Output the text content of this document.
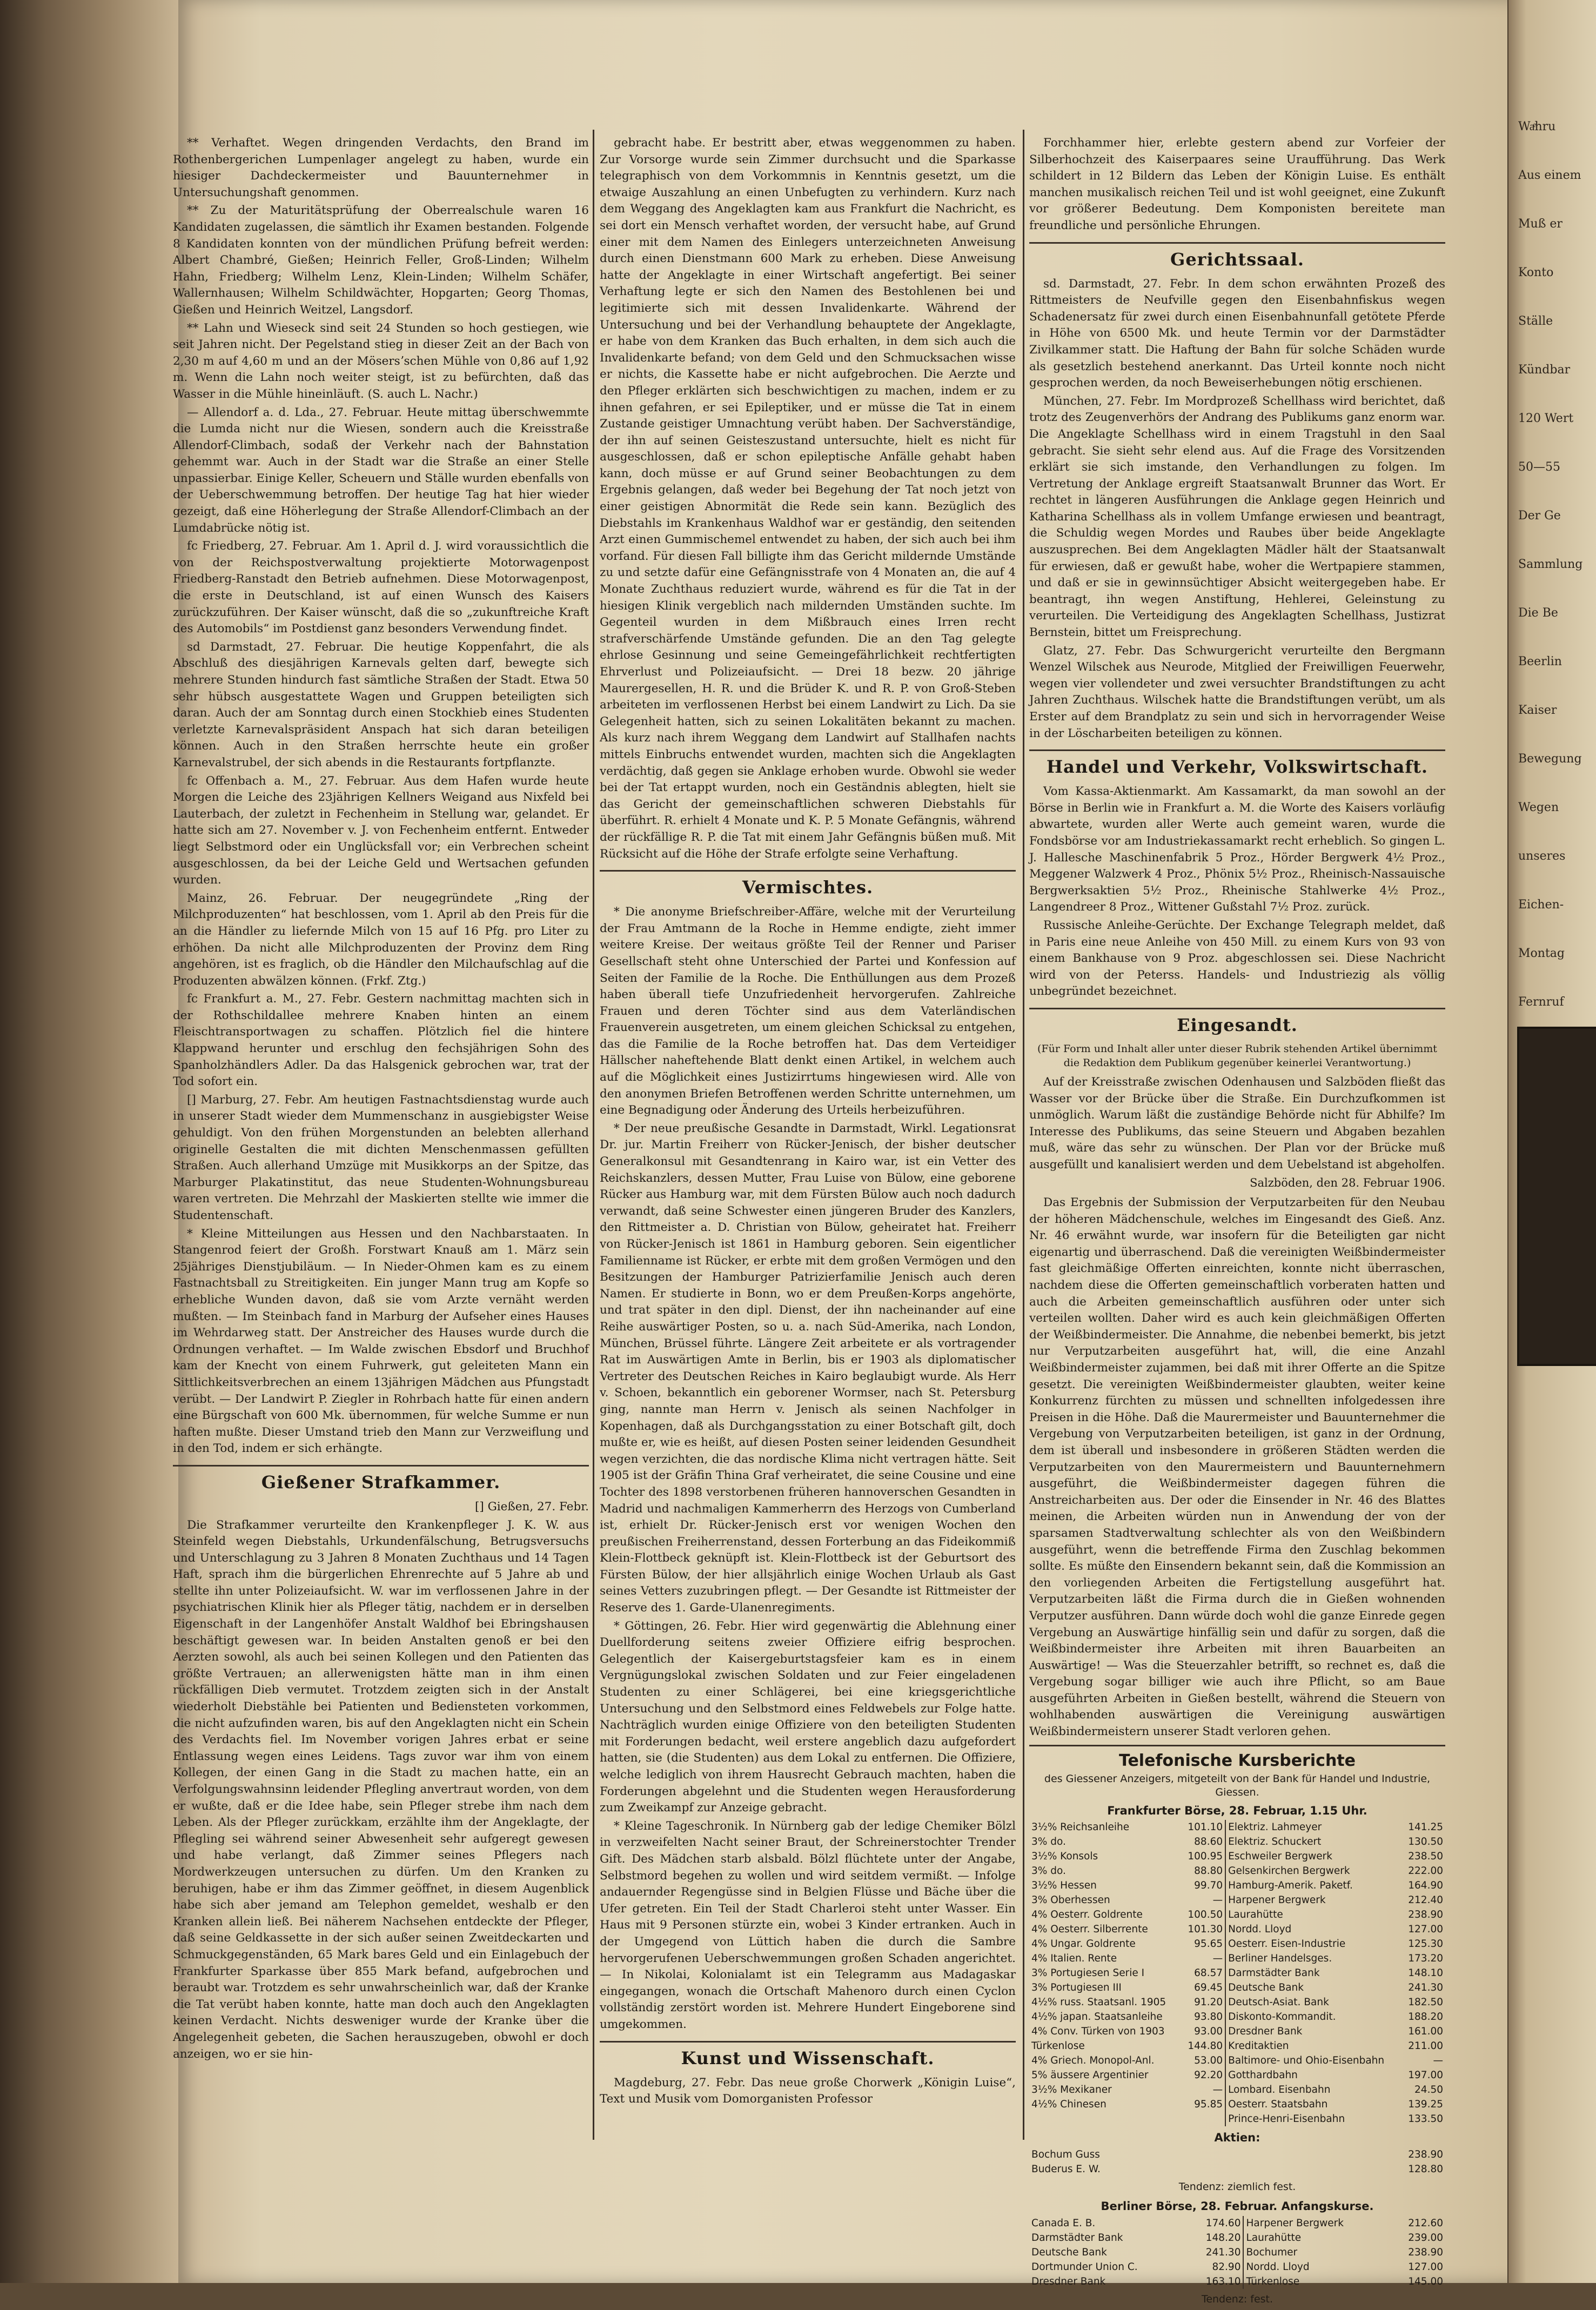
** Verhaftet. Wegen dringenden Verdachts, den Brand im Rothenbergerichen Lumpenlager angelegt zu haben, wurde ein hiesiger Dachdeckermeister und Bauunternehmer in Untersuchungshaft genommen.

** Zu der Maturitätsprüfung der Oberrealschule waren 16 Kandidaten zugelassen, die sämtlich ihr Examen bestanden. Folgende 8 Kandidaten konnten von der mündlichen Prüfung befreit werden: Albert Chambré, Gießen; Heinrich Feller, Groß-Linden; Wilhelm Hahn, Friedberg; Wilhelm Lenz, Klein-Linden; Wilhelm Schäfer, Wallernhausen; Wilhelm Schildwächter, Hopgarten; Georg Thomas, Gießen und Heinrich Weitzel, Langsdorf.

** Lahn und Wieseck sind seit 24 Stunden so hoch gestiegen, wie seit Jahren nicht. Der Pegelstand stieg in dieser Zeit an der Bach von 2,30 m auf 4,60 m und an der Mösersʼschen Mühle von 0,86 auf 1,92 m. Wenn die Lahn noch weiter steigt, ist zu befürchten, daß das Wasser in die Mühle hineinläuft. (S. auch L. Nachr.)

— Allendorf a. d. Lda., 27. Februar. Heute mittag überschwemmte die Lumda nicht nur die Wiesen, sondern auch die Kreisstraße Allendorf-Climbach, sodaß der Verkehr nach der Bahnstation gehemmt war. Auch in der Stadt war die Straße an einer Stelle unpassierbar. Einige Keller, Scheuern und Ställe wurden ebenfalls von der Ueberschwemmung betroffen. Der heutige Tag hat hier wieder gezeigt, daß eine Höherlegung der Straße Allendorf-Climbach an der Lumdabrücke nötig ist.

fc Friedberg, 27. Februar. Am 1. April d. J. wird voraussichtlich die von der Reichspostverwaltung projektierte Motorwagenpost Friedberg-Ranstadt den Betrieb aufnehmen. Diese Motorwagenpost, die erste in Deutschland, ist auf einen Wunsch des Kaisers zurückzuführen. Der Kaiser wünscht, daß die so „zukunftreiche Kraft des Automobils“ im Postdienst ganz besonders Verwendung findet.

sd Darmstadt, 27. Februar. Die heutige Koppenfahrt, die als Abschluß des diesjährigen Karnevals gelten darf, bewegte sich mehrere Stunden hindurch fast sämtliche Straßen der Stadt. Etwa 50 sehr hübsch ausgestattete Wagen und Gruppen beteiligten sich daran. Auch der am Sonntag durch einen Stockhieb eines Studenten verletzte Karnevalspräsident Anspach hat sich daran beteiligen können. Auch in den Straßen herrschte heute ein großer Karnevalstrubel, der sich abends in die Restaurants fortpflanzte.

fc Offenbach a. M., 27. Februar. Aus dem Hafen wurde heute Morgen die Leiche des 23jährigen Kellners Weigand aus Nixfeld bei Lauterbach, der zuletzt in Fechenheim in Stellung war, gelandet. Er hatte sich am 27. November v. J. von Fechenheim entfernt. Entweder liegt Selbstmord oder ein Unglücksfall vor; ein Verbrechen scheint ausgeschlossen, da bei der Leiche Geld und Wertsachen gefunden wurden.

Mainz, 26. Februar. Der neugegründete „Ring der Milchproduzenten“ hat beschlossen, vom 1. April ab den Preis für die an die Händler zu liefernde Milch von 15 auf 16 Pfg. pro Liter zu erhöhen. Da nicht alle Milchproduzenten der Provinz dem Ring angehören, ist es fraglich, ob die Händler den Milchaufschlag auf die Produzenten abwälzen können. (Frkf. Ztg.)

fc Frankfurt a. M., 27. Febr. Gestern nachmittag machten sich in der Rothschildallee mehrere Knaben hinten an einem Fleischtransportwagen zu schaffen. Plötzlich fiel die hintere Klappwand herunter und erschlug den fechsjährigen Sohn des Spanholzhändlers Adler. Da das Halsgenick gebrochen war, trat der Tod sofort ein.

[] Marburg, 27. Febr. Am heutigen Fastnachtsdienstag wurde auch in unserer Stadt wieder dem Mummenschanz in ausgiebigster Weise gehuldigt. Von den frühen Morgenstunden an belebten allerhand originelle Gestalten die mit dichten Menschenmassen gefüllten Straßen. Auch allerhand Umzüge mit Musikkorps an der Spitze, das Marburger Plakatinstitut, das neue Studenten-Wohnungsbureau waren vertreten. Die Mehrzahl der Maskierten stellte wie immer die Studentenschaft.

* Kleine Mitteilungen aus Hessen und den Nachbarstaaten. In Stangenrod feiert der Großh. Forstwart Knauß am 1. März sein 25jähriges Dienstjubiläum. — In Nieder-Ohmen kam es zu einem Fastnachtsball zu Streitigkeiten. Ein junger Mann trug am Kopfe so erhebliche Wunden davon, daß sie vom Arzte vernäht werden mußten. — Im Steinbach fand in Marburg der Aufseher eines Hauses im Wehrdarweg statt. Der Anstreicher des Hauses wurde durch die Ordnungen verhaftet. — Im Walde zwischen Ebsdorf und Bruchhof kam der Knecht von einem Fuhrwerk, gut geleiteten Mann ein Sittlichkeitsverbrechen an einem 13jährigen Mädchen aus Pfungstadt verübt. — Der Landwirt P. Ziegler in Rohrbach hatte für einen andern eine Bürgschaft von 600 Mk. übernommen, für welche Summe er nun haften mußte. Dieser Umstand trieb den Mann zur Verzweiflung und in den Tod, indem er sich erhängte.

Gießener Strafkammer.

[] Gießen, 27. Febr.

Die Strafkammer verurteilte den Krankenpfleger J. K. W. aus Steinfeld wegen Diebstahls, Urkundenfälschung, Betrugsversuchs und Unterschlagung zu 3 Jahren 8 Monaten Zuchthaus und 14 Tagen Haft, sprach ihm die bürgerlichen Ehrenrechte auf 5 Jahre ab und stellte ihn unter Polizeiaufsicht. W. war im verflossenen Jahre in der psychiatrischen Klinik hier als Pfleger tätig, nachdem er in derselben Eigenschaft in der Langenhöfer Anstalt Waldhof bei Ebringshausen beschäftigt gewesen war. In beiden Anstalten genoß er bei den Aerzten sowohl, als auch bei seinen Kollegen und den Patienten das größte Vertrauen; an allerwenigsten hätte man in ihm einen rückfälligen Dieb vermutet. Trotzdem zeigten sich in der Anstalt wiederholt Diebstähle bei Patienten und Bediensteten vorkommen, die nicht aufzufinden waren, bis auf den Angeklagten nicht ein Schein des Verdachts fiel. Im November vorigen Jahres erbat er seine Entlassung wegen eines Leidens. Tags zuvor war ihm von einem Kollegen, der einen Gang in die Stadt zu machen hatte, ein an Verfolgungswahnsinn leidender Pflegling anvertraut worden, von dem er wußte, daß er die Idee habe, sein Pfleger strebe ihm nach dem Leben. Als der Pfleger zurückkam, erzählte ihm der Angeklagte, der Pflegling sei während seiner Abwesenheit sehr aufgeregt gewesen und habe verlangt, daß Zimmer seines Pflegers nach Mordwerkzeugen untersuchen zu dürfen. Um den Kranken zu beruhigen, habe er ihm das Zimmer geöffnet, in diesem Augenblick habe sich aber jemand am Telephon gemeldet, weshalb er den Kranken allein ließ. Bei näherem Nachsehen entdeckte der Pfleger, daß seine Geldkassette in der sich außer seinen Zweitdeckarten und Schmuckgegenständen, 65 Mark bares Geld und ein Einlagebuch der Frankfurter Sparkasse über 855 Mark befand, aufgebrochen und beraubt war. Trotzdem es sehr unwahrscheinlich war, daß der Kranke die Tat verübt haben konnte, hatte man doch auch den Angeklagten keinen Verdacht. Nichts desweniger wurde der Kranke über die Angelegenheit gebeten, die Sachen herauszugeben, obwohl er doch anzeigen, wo er sie hin-

gebracht habe. Er bestritt aber, etwas weggenommen zu haben. Zur Vorsorge wurde sein Zimmer durchsucht und die Sparkasse telegraphisch von dem Vorkommnis in Kenntnis gesetzt, um die etwaige Auszahlung an einen Unbefugten zu verhindern. Kurz nach dem Weggang des Angeklagten kam aus Frankfurt die Nachricht, es sei dort ein Mensch verhaftet worden, der versucht habe, auf Grund einer mit dem Namen des Einlegers unterzeichneten Anweisung durch einen Dienstmann 600 Mark zu erheben. Diese Anweisung hatte der Angeklagte in einer Wirtschaft angefertigt. Bei seiner Verhaftung legte er sich den Namen des Bestohlenen bei und legitimierte sich mit dessen Invalidenkarte. Während der Untersuchung und bei der Verhandlung behauptete der Angeklagte, er habe von dem Kranken das Buch erhalten, in dem sich auch die Invalidenkarte befand; von dem Geld und den Schmucksachen wisse er nichts, die Kassette habe er nicht aufgebrochen. Die Aerzte und den Pfleger erklärten sich beschwichtigen zu machen, indem er zu ihnen gefahren, er sei Epileptiker, und er müsse die Tat in einem Zustande geistiger Umnachtung verübt haben. Der Sachverständige, der ihn auf seinen Geisteszustand untersuchte, hielt es nicht für ausgeschlossen, daß er schon epileptische Anfälle gehabt haben kann, doch müsse er auf Grund seiner Beobachtungen zu dem Ergebnis gelangen, daß weder bei Begehung der Tat noch jetzt von einer geistigen Abnormität die Rede sein kann. Bezüglich des Diebstahls im Krankenhaus Waldhof war er geständig, den seitenden Arzt einen Gummischemel entwendet zu haben, der sich auch bei ihm vorfand. Für diesen Fall billigte ihm das Gericht mildernde Umstände zu und setzte dafür eine Gefängnisstrafe von 4 Monaten an, die auf 4 Monate Zuchthaus reduziert wurde, während es für die Tat in der hiesigen Klinik vergeblich nach mildernden Umständen suchte. Im Gegenteil wurden in dem Mißbrauch eines Irren recht strafverschärfende Umstände gefunden. Die an den Tag gelegte ehrlose Gesinnung und seine Gemeingefährlichkeit rechtfertigten Ehrverlust und Polizeiaufsicht. — Drei 18 bezw. 20 jährige Maurergesellen, H. R. und die Brüder K. und R. P. von Groß-Steben arbeiteten im verflossenen Herbst bei einem Landwirt zu Lich. Da sie Gelegenheit hatten, sich zu seinen Lokalitäten bekannt zu machen. Als kurz nach ihrem Weggang dem Landwirt auf Stallhafen nachts mittels Einbruchs entwendet wurden, machten sich die Angeklagten verdächtig, daß gegen sie Anklage erhoben wurde. Obwohl sie weder bei der Tat ertappt wurden, noch ein Geständnis ablegten, hielt sie das Gericht der gemeinschaftlichen schweren Diebstahls für überführt. R. erhielt 4 Monate und K. P. 5 Monate Gefängnis, während der rückfällige R. P. die Tat mit einem Jahr Gefängnis büßen muß. Mit Rücksicht auf die Höhe der Strafe erfolgte seine Verhaftung.

Vermischtes.

* Die anonyme Briefschreiber-Affäre, welche mit der Verurteilung der Frau Amtmann de la Roche in Hemme endigte, zieht immer weitere Kreise. Der weitaus größte Teil der Renner und Pariser Gesellschaft steht ohne Unterschied der Partei und Konfession auf Seiten der Familie de la Roche. Die Enthüllungen aus dem Prozeß haben überall tiefe Unzufriedenheit hervorgerufen. Zahlreiche Frauen und deren Töchter sind aus dem Vaterländischen Frauenverein ausgetreten, um einem gleichen Schicksal zu entgehen, das die Familie de la Roche betroffen hat. Das dem Verteidiger Hällscher naheftehende Blatt denkt einen Artikel, in welchem auch auf die Möglichkeit eines Justizirrtums hingewiesen wird. Alle von den anonymen Briefen Betroffenen werden Schritte unternehmen, um eine Begnadigung oder Änderung des Urteils herbeizuführen.

* Der neue preußische Gesandte in Darmstadt, Wirkl. Legationsrat Dr. jur. Martin Freiherr von Rücker-Jenisch, der bisher deutscher Generalkonsul mit Gesandtenrang in Kairo war, ist ein Vetter des Reichskanzlers, dessen Mutter, Frau Luise von Bülow, eine geborene Rücker aus Hamburg war, mit dem Fürsten Bülow auch noch dadurch verwandt, daß seine Schwester einen jüngeren Bruder des Kanzlers, den Rittmeister a. D. Christian von Bülow, geheiratet hat. Freiherr von Rücker-Jenisch ist 1861 in Hamburg geboren. Sein eigentlicher Familienname ist Rücker, er erbte mit dem großen Vermögen und den Besitzungen der Hamburger Patrizierfamilie Jenisch auch deren Namen. Er studierte in Bonn, wo er dem Preußen-Korps angehörte, und trat später in den dipl. Dienst, der ihn nacheinander auf eine Reihe auswärtiger Posten, so u. a. nach Süd-Amerika, nach London, München, Brüssel führte. Längere Zeit arbeitete er als vortragender Rat im Auswärtigen Amte in Berlin, bis er 1903 als diplomatischer Vertreter des Deutschen Reiches in Kairo beglaubigt wurde. Als Herr v. Schoen, bekanntlich ein geborener Wormser, nach St. Petersburg ging, nannte man Herrn v. Jenisch als seinen Nachfolger in Kopenhagen, daß als Durchgangsstation zu einer Botschaft gilt, doch mußte er, wie es heißt, auf diesen Posten seiner leidenden Gesundheit wegen verzichten, die das nordische Klima nicht vertragen hätte. Seit 1905 ist der Gräfin Thina Graf verheiratet, die seine Cousine und eine Tochter des 1898 verstorbenen früheren hannoverschen Gesandten in Madrid und nachmaligen Kammerherrn des Herzogs von Cumberland ist, erhielt Dr. Rücker-Jenisch erst vor wenigen Wochen den preußischen Freiherrenstand, dessen Forterbung an das Fideikommiß Klein-Flottbeck geknüpft ist. Klein-Flottbeck ist der Geburtsort des Fürsten Bülow, der hier allsjährlich einige Wochen Urlaub als Gast seines Vetters zuzubringen pflegt. — Der Gesandte ist Rittmeister der Reserve des 1. Garde-Ulanenregiments.

* Göttingen, 26. Febr. Hier wird gegenwärtig die Ablehnung einer Duellforderung seitens zweier Offiziere eifrig besprochen. Gelegentlich der Kaisergeburtstagsfeier kam es in einem Vergnügungslokal zwischen Soldaten und zur Feier eingeladenen Studenten zu einer Schlägerei, bei eine kriegsgerichtliche Untersuchung und den Selbstmord eines Feldwebels zur Folge hatte. Nachträglich wurden einige Offiziere von den beteiligten Studenten mit Forderungen bedacht, weil erstere angeblich dazu aufgefordert hatten, sie (die Studenten) aus dem Lokal zu entfernen. Die Offiziere, welche lediglich von ihrem Hausrecht Gebrauch machten, haben die Forderungen abgelehnt und die Studenten wegen Herausforderung zum Zweikampf zur Anzeige gebracht.

* Kleine Tageschronik. In Nürnberg gab der ledige Chemiker Bölzl in verzweifelten Nacht seiner Braut, der Schreinerstochter Trender Gift. Des Mädchen starb alsbald. Bölzl flüchtete unter der Angabe, Selbstmord begehen zu wollen und wird seitdem vermißt. — Infolge andauernder Regengüsse sind in Belgien Flüsse und Bäche über die Ufer getreten. Ein Teil der Stadt Charleroi steht unter Wasser. Ein Haus mit 9 Personen stürzte ein, wobei 3 Kinder ertranken. Auch in der Umgegend von Lüttich haben die durch die Sambre hervorgerufenen Ueberschwemmungen großen Schaden angerichtet. — In Nikolai, Kolonialamt ist ein Telegramm aus Madagaskar eingegangen, wonach die Ortschaft Mahenoro durch einen Cyclon vollständig zerstört worden ist. Mehrere Hundert Eingeborene sind umgekommen.

Kunst und Wissenschaft.

Magdeburg, 27. Febr. Das neue große Chorwerk „Königin Luise“, Text und Musik vom Domorganisten Professor

Forchhammer hier, erlebte gestern abend zur Vorfeier der Silberhochzeit des Kaiserpaares seine Uraufführung. Das Werk schildert in 12 Bildern das Leben der Königin Luise. Es enthält manchen musikalisch reichen Teil und ist wohl geeignet, eine Zukunft vor größerer Bedeutung. Dem Komponisten bereitete man freundliche und persönliche Ehrungen.

Gerichtssaal.

sd. Darmstadt, 27. Febr. In dem schon erwähnten Prozeß des Rittmeisters de Neufville gegen den Eisenbahnfiskus wegen Schadenersatz für zwei durch einen Eisenbahnunfall getötete Pferde in Höhe von 6500 Mk. und heute Termin vor der Darmstädter Zivilkammer statt. Die Haftung der Bahn für solche Schäden wurde als gesetzlich bestehend anerkannt. Das Urteil konnte noch nicht gesprochen werden, da noch Beweiserhebungen nötig erschienen.

München, 27. Febr. Im Mordprozeß Schellhass wird berichtet, daß trotz des Zeugenverhörs der Andrang des Publikums ganz enorm war. Die Angeklagte Schellhass wird in einem Tragstuhl in den Saal gebracht. Sie sieht sehr elend aus. Auf die Frage des Vorsitzenden erklärt sie sich imstande, den Verhandlungen zu folgen. Im Vertretung der Anklage ergreift Staatsanwalt Brunner das Wort. Er rechtet in längeren Ausführungen die Anklage gegen Heinrich und Katharina Schellhass als in vollem Umfange erwiesen und beantragt, die Schuldig wegen Mordes und Raubes über beide Angeklagte auszusprechen. Bei dem Angeklagten Mädler hält der Staatsanwalt für erwiesen, daß er gewußt habe, woher die Wertpapiere stammen, und daß er sie in gewinnsüchtiger Absicht weitergegeben habe. Er beantragt, ihn wegen Anstiftung, Hehlerei, Geleinstung zu verurteilen. Die Verteidigung des Angeklagten Schellhass, Justizrat Bernstein, bittet um Freisprechung.

Glatz, 27. Febr. Das Schwurgericht verurteilte den Bergmann Wenzel Wilschek aus Neurode, Mitglied der Freiwilligen Feuerwehr, wegen vier vollendeter und zwei versuchter Brandstiftungen zu acht Jahren Zuchthaus. Wilschek hatte die Brandstiftungen verübt, um als Erster auf dem Brandplatz zu sein und sich in hervorragender Weise in der Löscharbeiten beteiligen zu können.

Handel und Verkehr, Volkswirtschaft.

Vom Kassa-Aktienmarkt. Am Kassamarkt, da man sowohl an der Börse in Berlin wie in Frankfurt a. M. die Worte des Kaisers vorläufig abwartete, wurden aller Werte auch gemeint waren, wurde die Fondsbörse vor am Industriekassamarkt recht erheblich. So gingen L. J. Hallesche Maschinenfabrik 5 Proz., Hörder Bergwerk 4½ Proz., Meggener Walzwerk 4 Proz., Phönix 5½ Proz., Rheinisch-Nassauische Bergwerksaktien 5½ Proz., Rheinische Stahlwerke 4½ Proz., Langendreer 8 Proz., Wittener Gußstahl 7½ Proz. zurück.

Russische Anleihe-Gerüchte. Der Exchange Telegraph meldet, daß in Paris eine neue Anleihe von 450 Mill. zu einem Kurs von 93 von einem Bankhause von 9 Proz. abgeschlossen sei. Diese Nachricht wird von der Peterss. Handels- und Industriezig als völlig unbegründet bezeichnet.

Eingesandt.

(Für Form und Inhalt aller unter dieser Rubrik stehenden Artikel übernimmt die Redaktion dem Publikum gegenüber keinerlei Verantwortung.)

Auf der Kreisstraße zwischen Odenhausen und Salzböden fließt das Wasser vor der Brücke über die Straße. Ein Durchzufkommen ist unmöglich. Warum läßt die zuständige Behörde nicht für Abhilfe? Im Interesse des Publikums, das seine Steuern und Abgaben bezahlen muß, wäre das sehr zu wünschen. Der Plan vor der Brücke muß ausgefüllt und kanalisiert werden und dem Uebelstand ist abgeholfen.

Salzböden, den 28. Februar 1906.

Das Ergebnis der Submission der Verputzarbeiten für den Neubau der höheren Mädchenschule, welches im Eingesandt des Gieß. Anz. Nr. 46 erwähnt wurde, war insofern für die Beteiligten gar nicht eigenartig und überraschend. Daß die vereinigten Weißbindermeister fast gleichmäßige Offerten einreichten, konnte nicht überraschen, nachdem diese die Offerten gemeinschaftlich vorberaten hatten und auch die Arbeiten gemeinschaftlich ausführen oder unter sich verteilen wollten. Daher wird es auch kein gleichmäßigen Offerten der Weißbindermeister. Die Annahme, die nebenbei bemerkt, bis jetzt nur Verputzarbeiten ausgeführt hat, will, die eine Anzahl Weißbindermeister zujammen, bei daß mit ihrer Offerte an die Spitze gesetzt. Die vereinigten Weißbindermeister glaubten, weiter keine Konkurrenz fürchten zu müssen und schnellten infolgedessen ihre Preisen in die Höhe. Daß die Maurermeister und Bauunternehmer die Vergebung von Verputzarbeiten beteiligen, ist ganz in der Ordnung, dem ist überall und insbesondere in größeren Städten werden die Verputzarbeiten von den Maurermeistern und Bauunternehmern ausgeführt, die Weißbindermeister dagegen führen die Anstreicharbeiten aus. Der oder die Einsender in Nr. 46 des Blattes meinen, die Arbeiten würden nun in Anwendung der von der sparsamen Stadtverwaltung schlechter als von den Weißbindern ausgeführt, wenn die betreffende Firma den Zuschlag bekommen sollte. Es müßte den Einsendern bekannt sein, daß die Kommission an den vorliegenden Arbeiten die Fertigstellung ausgeführt hat. Verputzarbeiten läßt die Firma durch die in Gießen wohnenden Verputzer ausführen. Dann würde doch wohl die ganze Einrede gegen Vergebung an Auswärtige hinfällig sein und dafür zu sorgen, daß die Weißbindermeister ihre Arbeiten mit ihren Bauarbeiten an Auswärtige! — Was die Steuerzahler betrifft, so rechnet es, daß die Vergebung sogar billiger wie auch ihre Pflicht, so am Baue ausgeführten Arbeiten in Gießen bestellt, während die Steuern von wohlhabenden auswärtigen die Vereinigung auswärtigen Weißbindermeistern unserer Stadt verloren gehen.

Telefonische Kursberichte
des Giessener Anzeigers, mitgeteilt von der Bank für Handel und Industrie, Giessen.
Frankfurter Börse, 28. Februar, 1.15 Uhr.
3½% Reichsanleihe	101.10	Elektriz. Lahmeyer	141.25
3% do.	88.60	Elektriz. Schuckert	130.50
3½% Konsols	100.95	Eschweiler Bergwerk	238.50
3% do.	88.80	Gelsenkirchen Bergwerk	222.00
3½% Hessen	99.70	Hamburg-Amerik. Paketf.	164.90
3% Oberhessen	—	Harpener Bergwerk	212.40
4% Oesterr. Goldrente	100.50	Laurahütte	238.90
4% Oesterr. Silberrente	101.30	Nordd. Lloyd	127.00
4% Ungar. Goldrente	95.65	Oesterr. Eisen-Industrie	125.30
4% Italien. Rente	—	Berliner Handelsges.	173.20
3% Portugiesen Serie I	68.57	Darmstädter Bank	148.10
3% Portugiesen III	69.45	Deutsche Bank	241.30
4½% russ. Staatsanl. 1905	91.20	Deutsch-Asiat. Bank	182.50
4½% japan. Staatsanleihe	93.80	Diskonto-Kommandit.	188.20
4% Conv. Türken von 1903	93.00	Dresdner Bank	161.00
Türkenlose	144.80	Kreditaktien	211.00
4% Griech. Monopol-Anl.	53.00	Baltimore- und Ohio-Eisenbahn	—
5% äussere Argentinier	92.20	Gotthardbahn	197.00
3½% Mexikaner	—	Lombard. Eisenbahn	24.50
4½% Chinesen	95.85	Oesterr. Staatsbahn	139.25
		Prince-Henri-Eisenbahn	133.50
Aktien:
Bochum Guss	238.90
Buderus E. W.	128.80
Tendenz: ziemlich fest.
Berliner Börse, 28. Februar. Anfangskurse.
Canada E. B.	174.60	Harpener Bergwerk	212.60
Darmstädter Bank	148.20	Laurahütte	239.00
Deutsche Bank	241.30	Bochumer	238.90
Dortmunder Union C.	82.90	Nordd. Lloyd	127.00
Dresdner Bank	163.10	Türkenlose	145.00
Tendenz: fest.
Waͤhru
Aus einem
Muß er
Konto
Ställe
Kündbar
120 Wert
50—55
Der Ge
Sammlung
Die Be
Beerlin
Kaiser
Bewegung
Wegen
unseres
Eichen-
Montag
Fernruf
